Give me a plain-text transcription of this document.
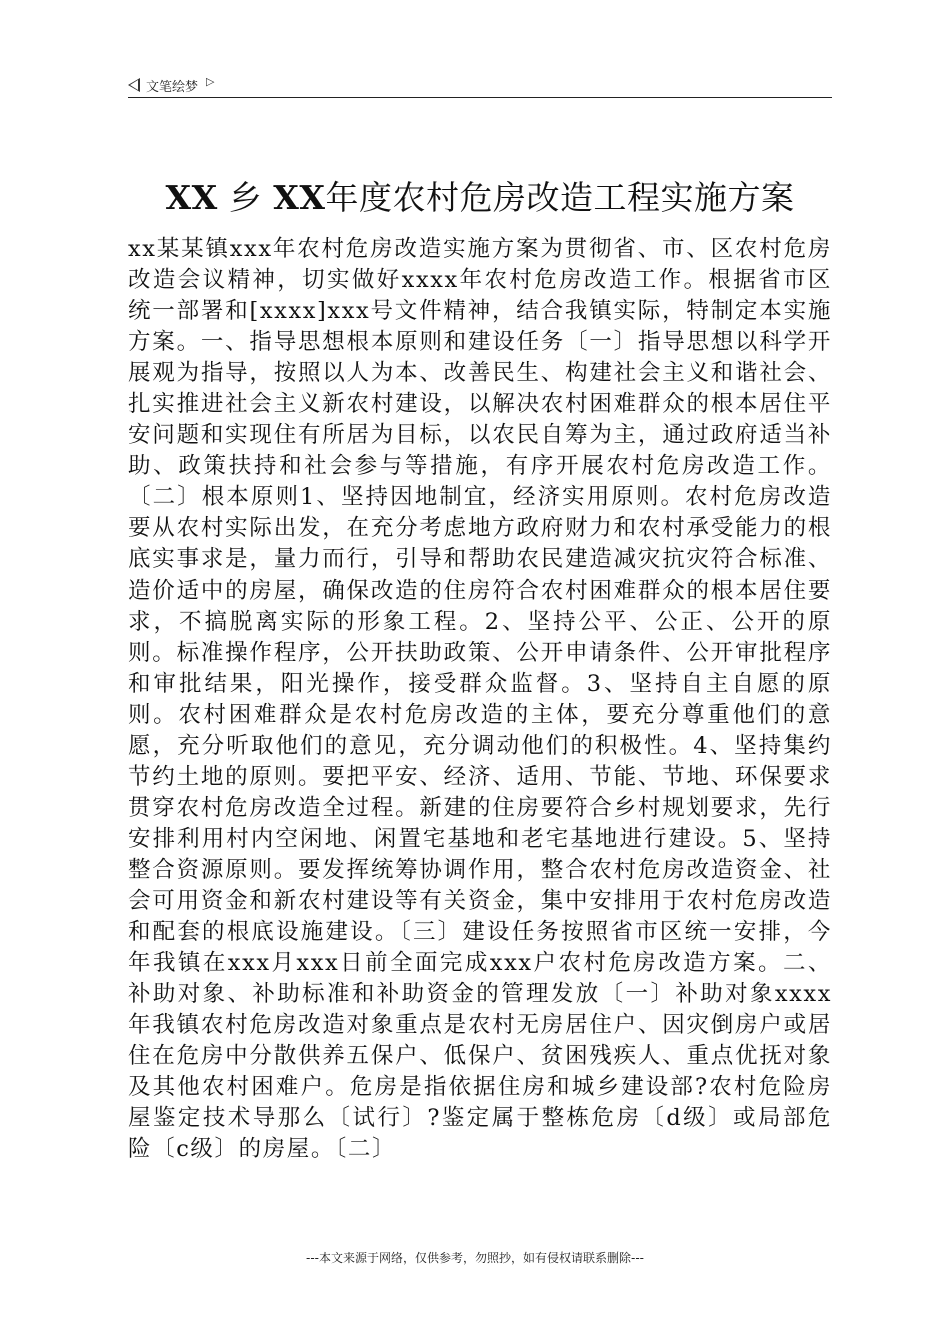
文笔绘梦 ▷
XX 乡 XX年度农村危房改造工程实施方案

xx某某镇xxx年农村危房改造实施方案为贯彻省、市、区农村危房改造会议精神，切实做好xxxx年农村危房改造工作。根据省市区统一部署和[xxxx]xxx号文件精神，结合我镇实际，特制定本实施方案。一、指导思想根本原则和建设任务〔一〕指导思想以科学开展观为指导，按照以人为本、改善民生、构建社会主义和谐社会、扎实推进社会主义新农村建设，以解决农村困难群众的根本居住平安问题和实现住有所居为目标，以农民自筹为主，通过政府适当补助、政策扶持和社会参与等措施，有序开展农村危房改造工作。〔二〕根本原则1、坚持因地制宜，经济实用原则。农村危房改造要从农村实际出发，在充分考虑地方政府财力和农村承受能力的根底实事求是，量力而行，引导和帮助农民建造减灾抗灾符合标准、造价适中的房屋，确保改造的住房符合农村困难群众的根本居住要求，不搞脱离实际的形象工程。2、坚持公平、公正、公开的原则。标准操作程序，公开扶助政策、公开申请条件、公开审批程序和审批结果，阳光操作，接受群众监督。3、坚持自主自愿的原则。农村困难群众是农村危房改造的主体，要充分尊重他们的意愿，充分听取他们的意见，充分调动他们的积极性。4、坚持集约节约土地的原则。要把平安、经济、适用、节能、节地、环保要求贯穿农村危房改造全过程。新建的住房要符合乡村规划要求，先行安排利用村内空闲地、闲置宅基地和老宅基地进行建设。5、坚持整合资源原则。要发挥统筹协调作用，整合农村危房改造资金、社会可用资金和新农村建设等有关资金，集中安排用于农村危房改造和配套的根底设施建设。〔三〕建设任务按照省市区统一安排，今年我镇在xxx月xxx日前全面完成xxx户农村危房改造方案。二、补助对象、补助标准和补助资金的管理发放〔一〕补助对象xxxx年我镇农村危房改造对象重点是农村无房居住户、因灾倒房户或居住在危房中分散供养五保户、低保户、贫困残疾人、重点优抚对象及其他农村困难户。危房是指依据住房和城乡建设部?农村危险房屋鉴定技术导那么〔试行〕?鉴定属于整栋危房〔d级〕或局部危险〔c级〕的房屋。〔二〕

---本文来源于网络，仅供参考，勿照抄，如有侵权请联系删除---
